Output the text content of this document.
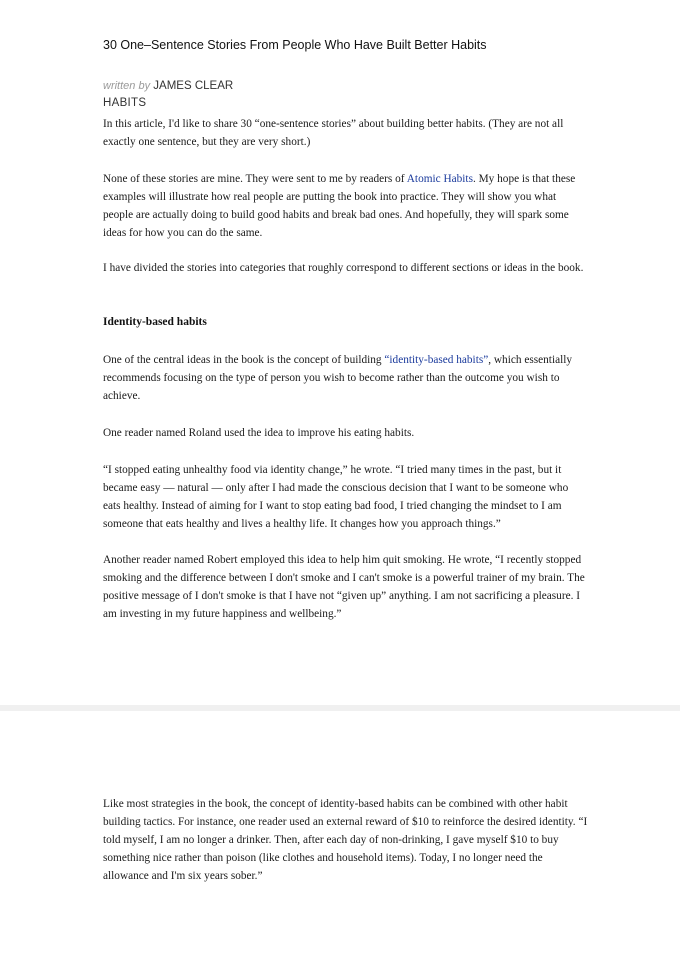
30 One–Sentence Stories From People Who Have Built Better Habits
written by JAMES CLEAR
HABITS

In this article, I'd like to share 30 “one-sentence stories” about building better habits. (They are not all exactly one sentence, but they are very short.)

None of these stories are mine. They were sent to me by readers of Atomic Habits. My hope is that these examples will illustrate how real people are putting the book into practice. They will show you what people are actually doing to build good habits and break bad ones. And hopefully, they will spark some ideas for how you can do the same.

I have divided the stories into categories that roughly correspond to different sections or ideas in the book.

Identity-based habits

One of the central ideas in the book is the concept of building “identity-based habits”, which essentially recommends focusing on the type of person you wish to become rather than the outcome you wish to achieve.

One reader named Roland used the idea to improve his eating habits.

“I stopped eating unhealthy food via identity change,” he wrote. “I tried many times in the past, but it became easy — natural — only after I had made the conscious decision that I want to be someone who eats healthy. Instead of aiming for I want to stop eating bad food, I tried changing the mindset to I am someone that eats healthy and lives a healthy life. It changes how you approach things.”

Another reader named Robert employed this idea to help him quit smoking. He wrote, “I recently stopped smoking and the difference between I don't smoke and I can't smoke is a powerful trainer of my brain. The positive message of I don't smoke is that I have not “given up” anything. I am not sacrificing a pleasure. I am investing in my future happiness and wellbeing.”

Like most strategies in the book, the concept of identity-based habits can be combined with other habit building tactics. For instance, one reader used an external reward of $10 to reinforce the desired identity. “I told myself, I am no longer a drinker. Then, after each day of non-drinking, I gave myself $10 to buy something nice rather than poison (like clothes and household items). Today, I no longer need the allowance and I'm six years sober.”
